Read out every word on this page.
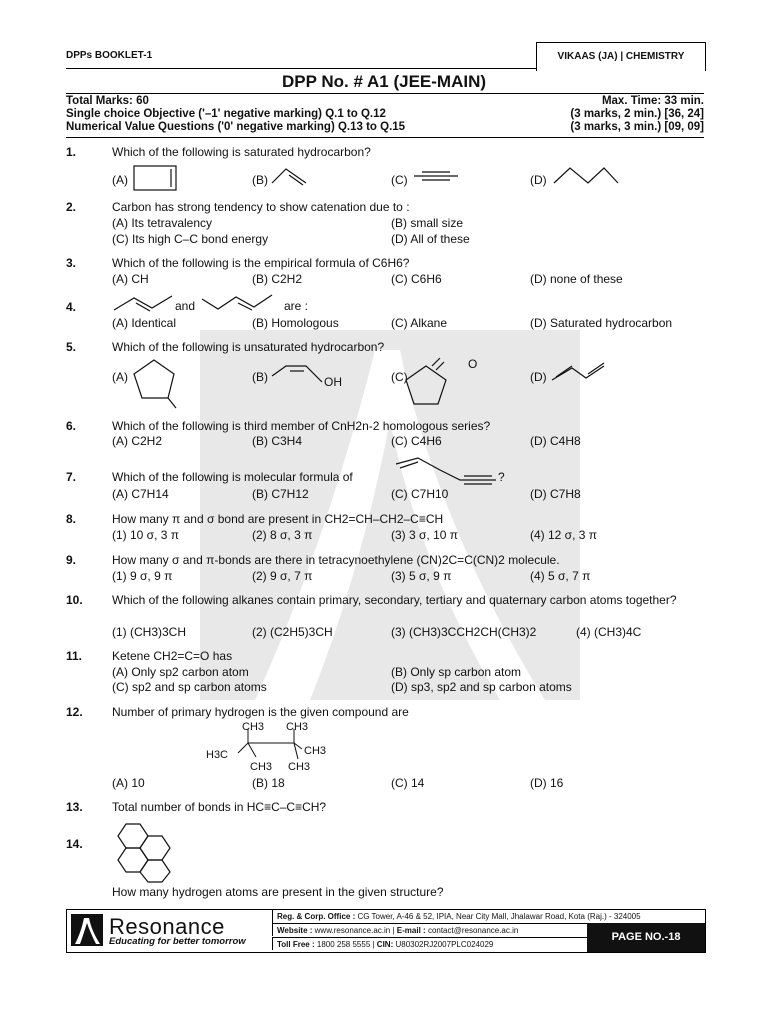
DPPs BOOKLET-1	VIKAAS (JA) | CHEMISTRY
DPP No. # A1 (JEE-MAIN)
Total Marks: 60	Max. Time: 33 min.
Single choice Objective ('–1' negative marking) Q.1 to Q.12	(3 marks, 2 min.) [36, 24]
Numerical Value Questions ('0' negative marking) Q.13 to Q.15	(3 marks, 3 min.) [09, 09]
1.	Which of the following is saturated hydrocarbon?
(A)	(B)	(C)	(D)
2.	Carbon has strong tendency to show catenation due to :
(A) Its tetravalency	(B) small size
(C) Its high C–C bond energy	(D) All of these
3.	Which of the following is the empirical formula of C6H6?
(A) CH	(B) C2H2	(C) C6H6	(D) none of these
4.	and	are :
(A) Identical	(B) Homologous	(C) Alkane	(D) Saturated hydrocarbon
5.	Which of the following is unsaturated hydrocarbon?
(A)	(B)	OH	(C)
O
(D)
6.	Which of the following is third member of CnH2n-2 homologous series?
(A) C2H2	(B) C3H4	(C) C4H6	(D) C4H8
7.	Which of the following is molecular formula of	?
(A) C7H14	(B) C7H12	(C) C7H10	(D) C7H8
8.	How many π and σ bond are present in CH2=CH–CH2–C≡CH
(1) 10 σ, 3 π	(2) 8 σ, 3 π	(3) 3 σ, 10 π	(4) 12 σ, 3 π
9.	How many σ and π-bonds are there in tetracynoethylene (CN)2C=C(CN)2 molecule.
(1) 9 σ, 9 π	(2) 9 σ, 7 π	(3) 5 σ, 9 π	(4) 5 σ, 7 π
10. Which of the following alkanes contain primary, secondary, tertiary and quaternary carbon atoms together?
(1) (CH3)3CH	(2) (C2H5)3CH	(3) (CH3)3CCH2CH(CH3)2	(4) (CH3)4C
11. Ketene CH2=C=O has
(A) Only sp2 carbon atom	(B) Only sp carbon atom
(C) sp2 and sp carbon atoms	(D) sp3, sp2 and sp carbon atoms
12. Number of primary hydrogen is the given compound are
CH3 CH3
H3C	CH3
CH3 CH3
(A) 10	(B) 18	(C) 14	(D) 16
13. Total number of bonds in HC≡C–C≡CH?
14.
How many hydrogen atoms are present in the given structure?
Resonance
Educating for better tomorrow
Reg. & Corp. Office : CG Tower, A-46 & 52, IPIA, Near City Mall, Jhalawar Road, Kota (Raj.) - 324005
Website : www.resonance.ac.in | E-mail : contact@resonance.ac.in
Toll Free : 1800 258 5555 | CIN: U80302RJ2007PLC024029
PAGE NO.-18
